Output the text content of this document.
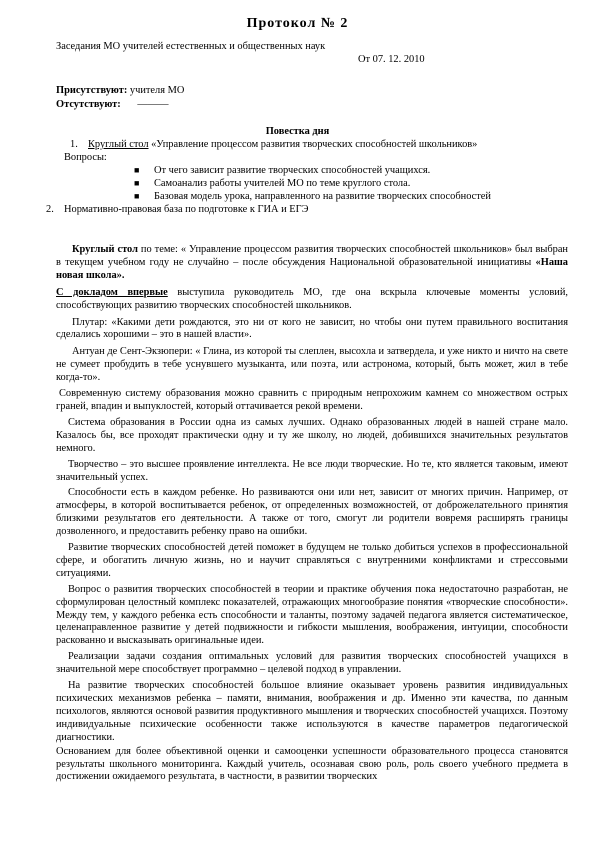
Протокол № 2
Заседания МО учителей естественных и общественных наук
От 07. 12. 2010
Присутствуют: учителя МО
Отсутствуют: ———
Повестка дня
1. Круглый стол «Управление процессом развития творческих способностей школьников»
Вопросы:
■ От чего зависит развитие творческих способностей учащихся.
■ Самоанализ работы учителей МО по теме круглого стола.
■ Базовая модель урока, направленного на развитие творческих способностей
2. Нормативно-правовая база по подготовке к ГИА и ЕГЭ

Круглый стол по теме: « Управление процессом развития творческих способностей школьников» был выбран в текущем учебном году не случайно – после обсуждения Национальной образовательной инициативы «Наша новая школа».

С докладом впервые выступила руководитель МО, где она вскрыла ключевые моменты условий, способствующих развитию творческих способностей школьников.

Плутар: «Какими дети рождаются, это ни от кого не зависит, но чтобы они путем правильного воспитания сделались хорошими – это в нашей власти».

Антуан де Сент-Экзюпери: « Глина, из которой ты слеплен, высохла и затвердела, и уже никто и ничто на свете не сумеет пробудить в тебе уснувшего музыканта, или поэта, или астронома, который, быть может, жил в тебе когда-то».

Современную систему образования можно сравнить с природным непрохожим камнем со множеством острых граней, впадин и выпуклостей, который оттачивается рекой времени.

Система образования в России одна из самых лучших. Однако образованных людей в нашей стране мало. Казалось бы, все проходят практически одну и ту же школу, но людей, добившихся значительных результатов немного.

Творчество – это высшее проявление интеллекта. Не все люди творческие. Но те, кто является таковым, имеют значительный успех.

Способности есть в каждом ребенке. Но развиваются они или нет, зависит от многих причин. Например, от атмосферы, в которой воспитывается ребенок, от определенных возможностей, от доброжелательного принятия близкими результатов его деятельности. А также от того, смогут ли родители вовремя расширять границы дозволенного, и предоставить ребенку право на ошибки.

Развитие творческих способностей детей поможет в будущем не только добиться успехов в профессиональной сфере, и обогатить личную жизнь, но и научит справляться с внутренними конфликтами и стрессовыми ситуациями.

Вопрос о развития творческих способностей в теории и практике обучения пока недостаточно разработан, не сформулирован целостный комплекс показателей, отражающих многообразие понятия «творческие способности». Между тем, у каждого ребенка есть способности и таланты, поэтому задачей педагога является систематическое, целенаправленное развитие у детей подвижности и гибкости мышления, воображения, интуиции, способности раскованно и высказывать оригинальные идеи.

Реализации задачи создания оптимальных условий для развития творческих способностей учащихся в значительной мере способствует программно – целевой подход в управлении.

На развитие творческих способностей большое влияние оказывает уровень развития индивидуальных психических механизмов ребенка – памяти, внимания, воображения и др. Именно эти качества, по данным психологов, являются основой развития продуктивного мышления и творческих способностей учащихся. Поэтому индивидуальные психические особенности также используются в качестве параметров педагогической диагностики.

Основанием для более объективной оценки и самооценки успешности образовательного процесса становятся результаты школьного мониторинга. Каждый учитель, осознавая свою роль, роль своего учебного предмета в достижении ожидаемого результата, в частности, в развитии творческих
